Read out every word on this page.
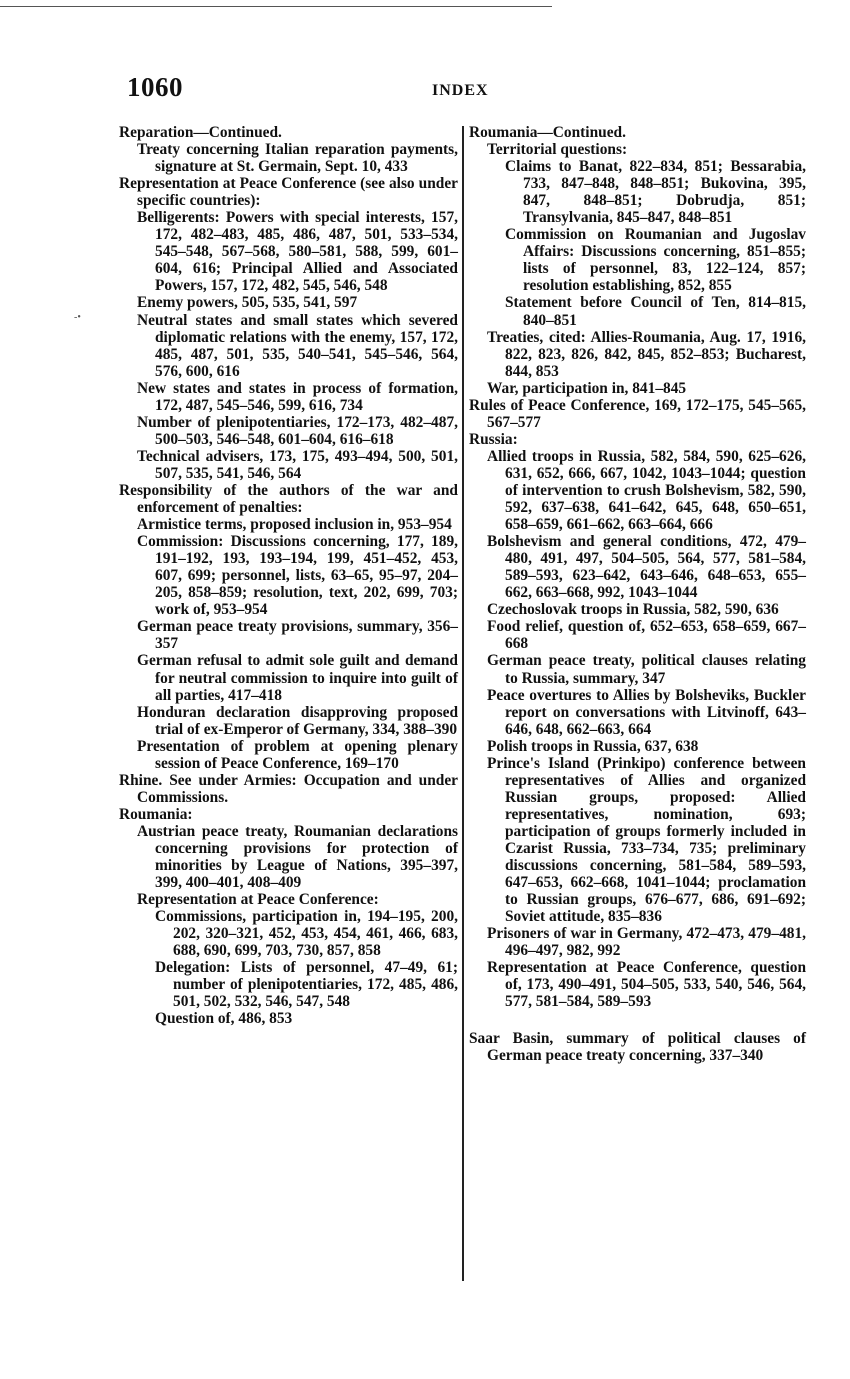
1060	INDEX
-•

Reparation—Continued.

Treaty concerning Italian reparation payments, signature at St. Germain, Sept. 10, 433

Representation at Peace Conference (see also under specific countries):

Belligerents: Powers with special interests, 157, 172, 482–483, 485, 486, 487, 501, 533–534, 545–548, 567–568, 580–581, 588, 599, 601–604, 616; Principal Allied and Associated Powers, 157, 172, 482, 545, 546, 548

Enemy powers, 505, 535, 541, 597

Neutral states and small states which severed diplomatic relations with the enemy, 157, 172, 485, 487, 501, 535, 540–541, 545–546, 564, 576, 600, 616

New states and states in process of formation, 172, 487, 545–546, 599, 616, 734

Number of plenipotentiaries, 172–173, 482–487, 500–503, 546–548, 601–604, 616–618

Technical advisers, 173, 175, 493–494, 500, 501, 507, 535, 541, 546, 564

Responsibility of the authors of the war and enforcement of penalties:

Armistice terms, proposed inclusion in, 953–954

Commission: Discussions concerning, 177, 189, 191–192, 193, 193–194, 199, 451–452, 453, 607, 699; personnel, lists, 63–65, 95–97, 204–205, 858–859; resolution, text, 202, 699, 703; work of, 953–954

German peace treaty provisions, summary, 356–357

German refusal to admit sole guilt and demand for neutral commission to inquire into guilt of all parties, 417–418

Honduran declaration disapproving proposed trial of ex-Emperor of Germany, 334, 388–390

Presentation of problem at opening plenary session of Peace Conference, 169–170

Rhine. See under Armies: Occupation and under Commissions.

Roumania:

Austrian peace treaty, Roumanian declarations concerning provisions for protection of minorities by League of Nations, 395–397, 399, 400–401, 408–409

Representation at Peace Conference:

Commissions, participation in, 194–195, 200, 202, 320–321, 452, 453, 454, 461, 466, 683, 688, 690, 699, 703, 730, 857, 858

Delegation: Lists of personnel, 47–49, 61; number of plenipotentiaries, 172, 485, 486, 501, 502, 532, 546, 547, 548

Question of, 486, 853

Roumania—Continued.

Territorial questions:

Claims to Banat, 822–834, 851; Bessarabia, 733, 847–848, 848–851; Bukovina, 395, 847, 848–851; Dobrudja, 851; Transylvania, 845–847, 848–851

Commission on Roumanian and Jugoslav Affairs: Discussions concerning, 851–855; lists of personnel, 83, 122–124, 857; resolution establishing, 852, 855

Statement before Council of Ten, 814–815, 840–851

Treaties, cited: Allies-Roumania, Aug. 17, 1916, 822, 823, 826, 842, 845, 852–853; Bucharest, 844, 853

War, participation in, 841–845

Rules of Peace Conference, 169, 172–175, 545–565, 567–577

Russia:

Allied troops in Russia, 582, 584, 590, 625–626, 631, 652, 666, 667, 1042, 1043–1044; question of intervention to crush Bolshevism, 582, 590, 592, 637–638, 641–642, 645, 648, 650–651, 658–659, 661–662, 663–664, 666

Bolshevism and general conditions, 472, 479–480, 491, 497, 504–505, 564, 577, 581–584, 589–593, 623–642, 643–646, 648–653, 655–662, 663–668, 992, 1043–1044

Czechoslovak troops in Russia, 582, 590, 636

Food relief, question of, 652–653, 658–659, 667–668

German peace treaty, political clauses relating to Russia, summary, 347

Peace overtures to Allies by Bolsheviks, Buckler report on conversations with Litvinoff, 643–646, 648, 662–663, 664

Polish troops in Russia, 637, 638

Prince's Island (Prinkipo) conference between representatives of Allies and organized Russian groups, proposed: Allied representatives, nomination, 693; participation of groups formerly included in Czarist Russia, 733–734, 735; preliminary discussions concerning, 581–584, 589–593, 647–653, 662–668, 1041–1044; proclamation to Russian groups, 676–677, 686, 691–692; Soviet attitude, 835–836

Prisoners of war in Germany, 472–473, 479–481, 496–497, 982, 992

Representation at Peace Conference, question of, 173, 490–491, 504–505, 533, 540, 546, 564, 577, 581–584, 589–593

Saar Basin, summary of political clauses of German peace treaty concerning, 337–340
